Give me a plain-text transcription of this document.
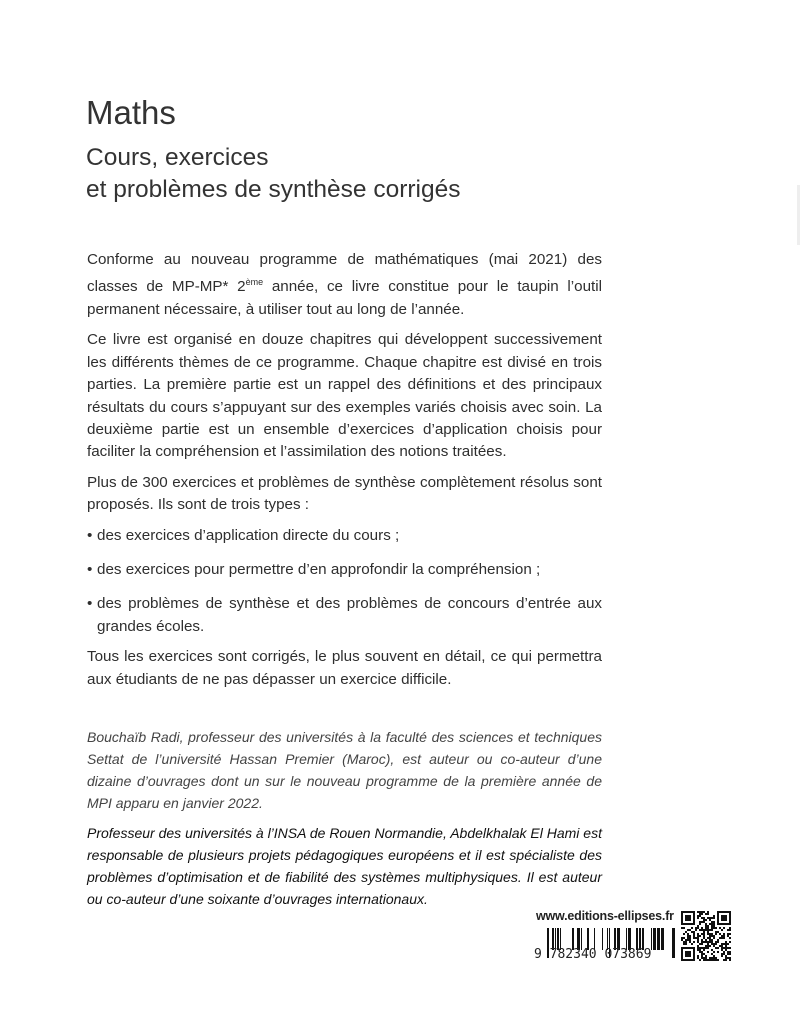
Maths
Cours, exercices
et problèmes de synthèse corrigés

Conforme au nouveau programme de mathématiques (mai 2021) des classes de MP-MP* 2ème année, ce livre constitue pour le taupin l’outil permanent nécessaire, à utiliser tout au long de l’année.

Ce livre est organisé en douze chapitres qui développent successivement les différents thèmes de ce programme. Chaque chapitre est divisé en trois parties. La première partie est un rappel des définitions et des principaux résultats du cours s’appuyant sur des exemples variés choisis avec soin. La deuxième partie est un ensemble d’exercices d’application choisis pour faciliter la compréhension et l’assimilation des notions traitées.

Plus de 300 exercices et problèmes de synthèse complètement résolus sont proposés. Ils sont de trois types :

• des exercices d’application directe du cours ;

• des exercices pour permettre d’en approfondir la compréhension ;

• des problèmes de synthèse et des problèmes de concours d’entrée aux grandes écoles.

Tous les exercices sont corrigés, le plus souvent en détail, ce qui permettra aux étudiants de ne pas dépasser un exercice difficile.

Bouchaïb Radi, professeur des universités à la faculté des sciences et techniques Settat de l’université Hassan Premier (Maroc), est auteur ou co-auteur d’une dizaine d’ouvrages dont un sur le nouveau programme de la première année de MPI apparu en janvier 2022.

Professeur des universités à l’INSA de Rouen Normandie, Abdelkhalak El Hami est responsable de plusieurs projets pédagogiques européens et il est spécialiste des problèmes d’optimisation et de fiabilité des systèmes multiphysiques. Il est auteur ou co-auteur d’une soixante d’ouvrages internationaux.

www.editions-ellipses.fr
9 782340 073869
